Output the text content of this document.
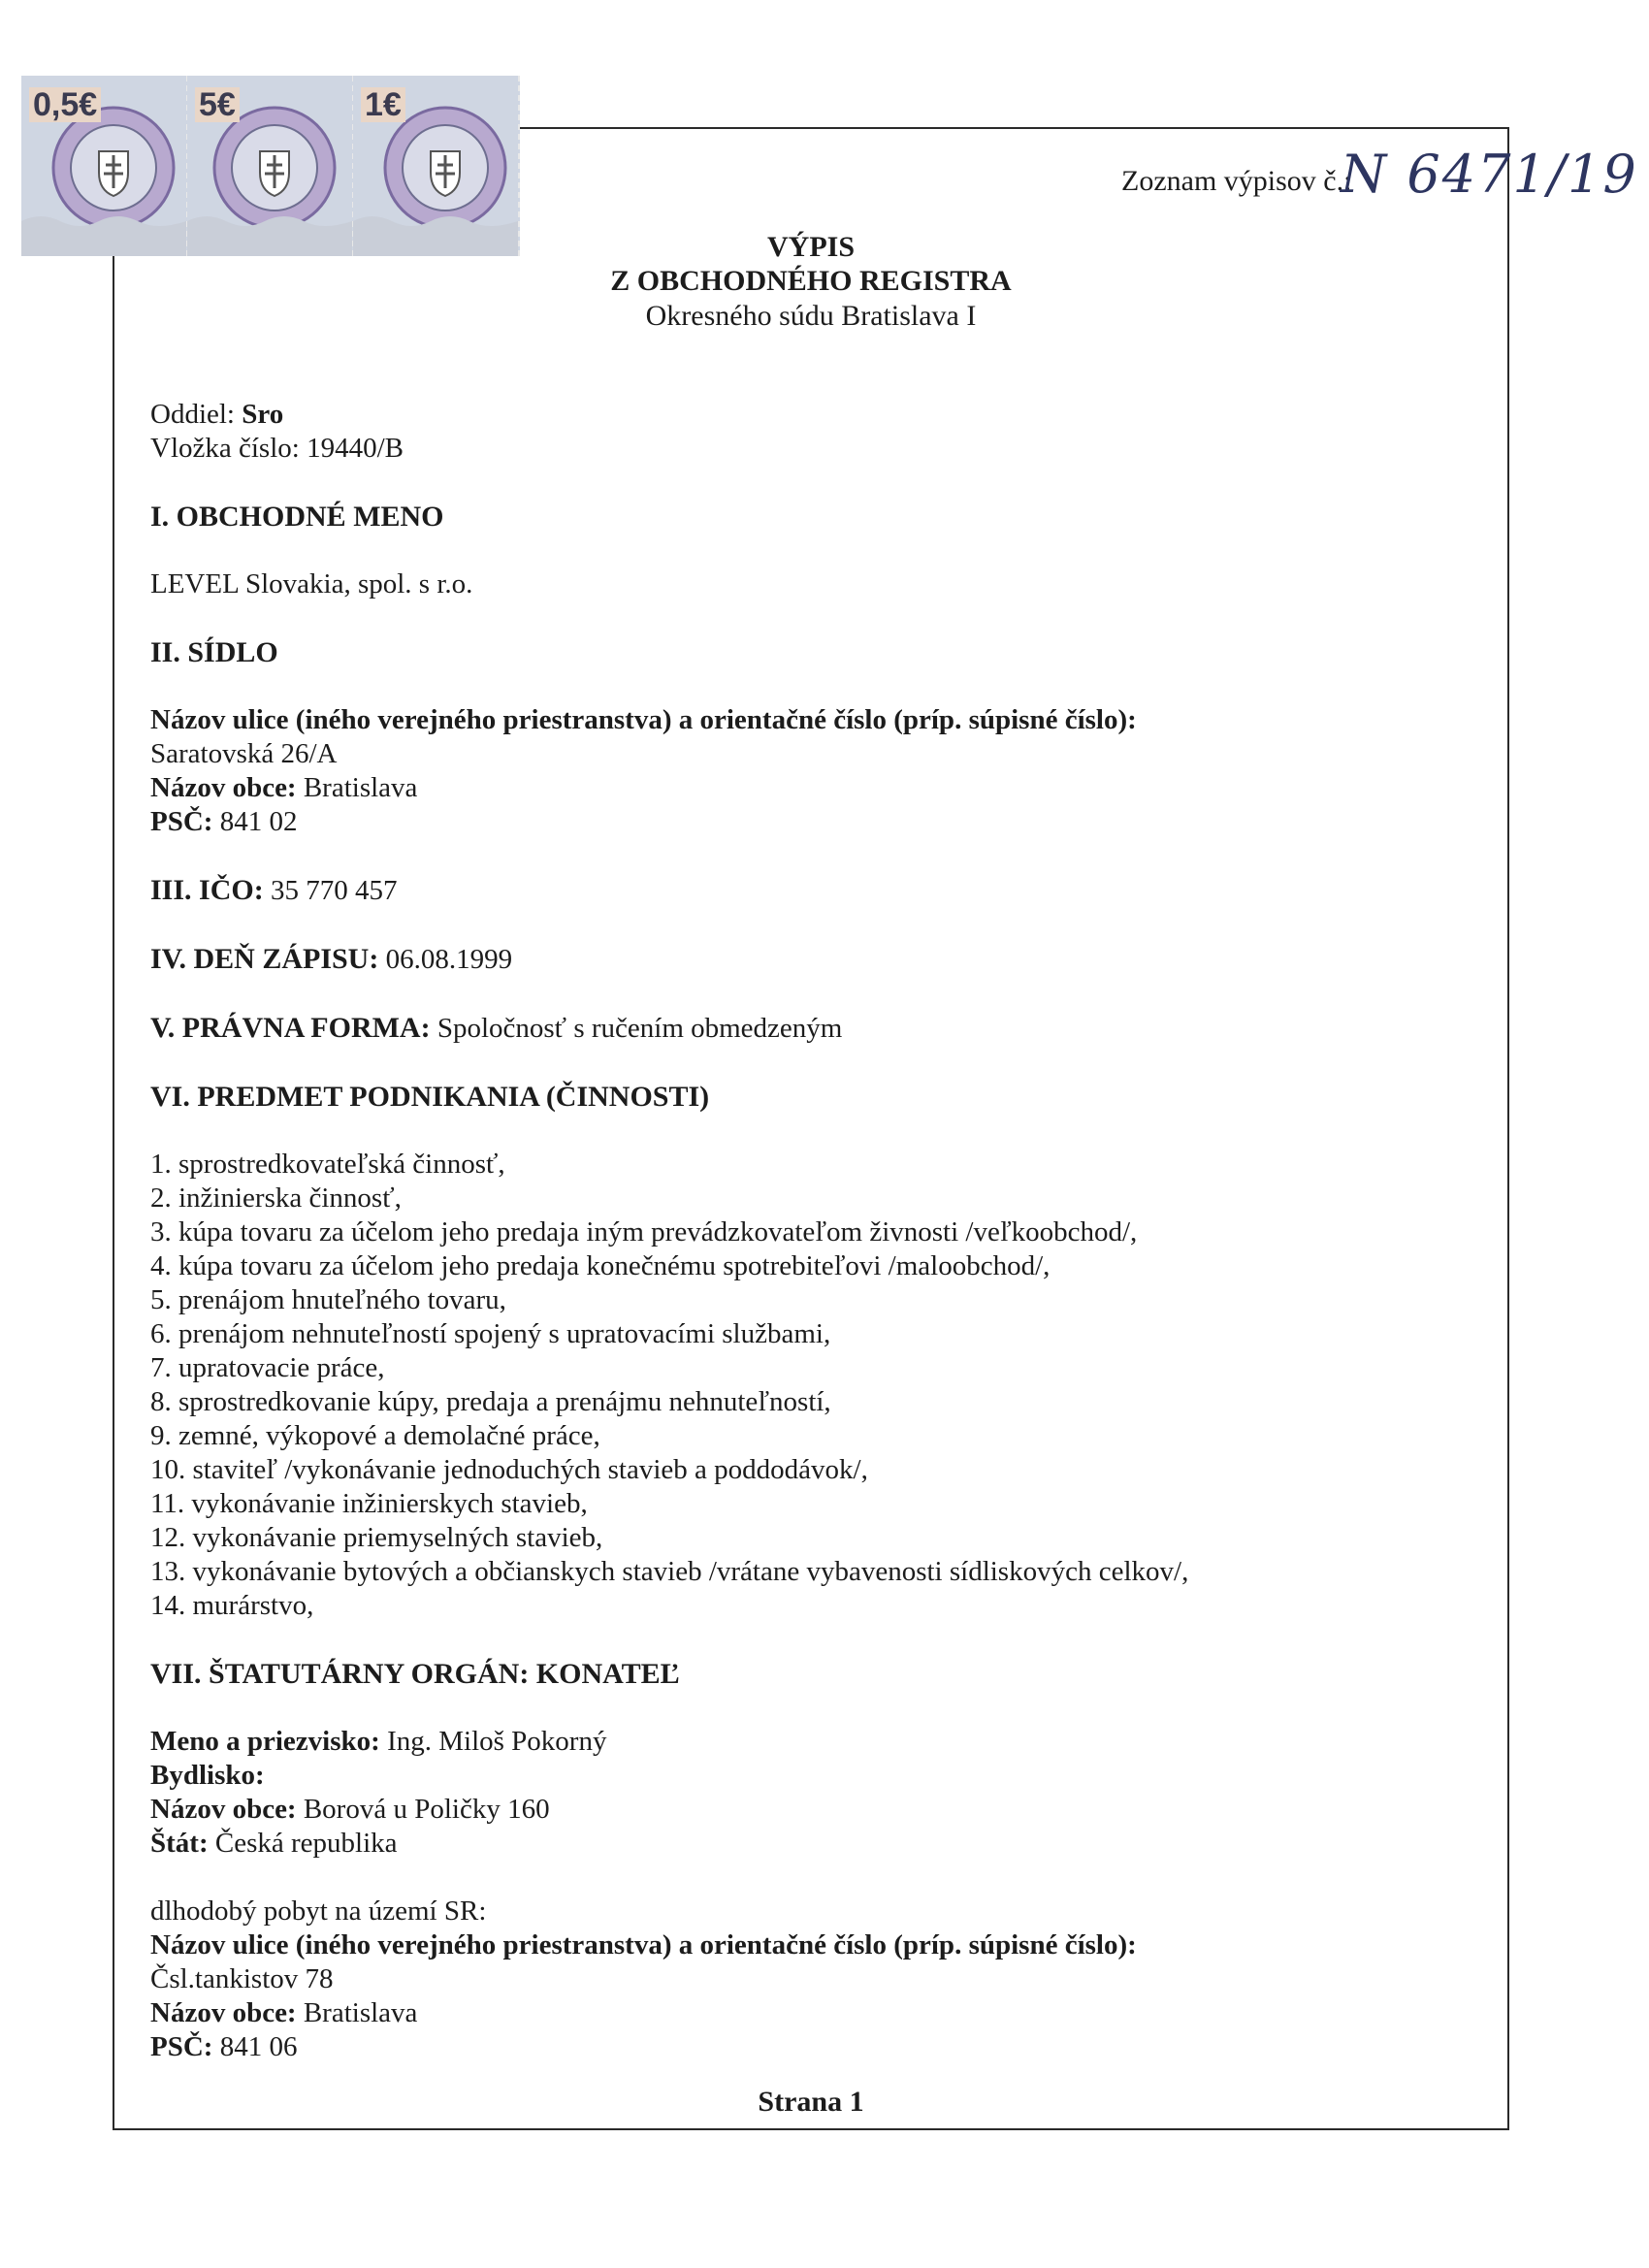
0,5€	5€	1€
Zoznam výpisov č.:
N 6471/19
VÝPIS
Z OBCHODNÉHO REGISTRA
Okresného súdu Bratislava I
Oddiel: Sro
Vložka číslo: 19440/B
I. OBCHODNÉ MENO
LEVEL Slovakia, spol. s r.o.
II. SÍDLO
Názov ulice (iného verejného priestranstva) a orientačné číslo (príp. súpisné číslo):
Saratovská 26/A
Názov obce: Bratislava
PSČ: 841 02
III. IČO: 35 770 457
IV. DEŇ ZÁPISU: 06.08.1999
V. PRÁVNA FORMA: Spoločnosť s ručením obmedzeným
VI. PREDMET PODNIKANIA (ČINNOSTI)
1. sprostredkovateľská činnosť,
2. inžinierska činnosť,
3. kúpa tovaru za účelom jeho predaja iným prevádzkovateľom živnosti /veľkoobchod/,
4. kúpa tovaru za účelom jeho predaja konečnému spotrebiteľovi /maloobchod/,
5. prenájom hnuteľného tovaru,
6. prenájom nehnuteľností spojený s upratovacími službami,
7. upratovacie práce,
8. sprostredkovanie kúpy, predaja a prenájmu nehnuteľností,
9. zemné, výkopové a demolačné práce,
10. staviteľ /vykonávanie jednoduchých stavieb a poddodávok/,
11. vykonávanie inžinierskych stavieb,
12. vykonávanie priemyselných stavieb,
13. vykonávanie bytových a občianskych stavieb /vrátane vybavenosti sídliskových celkov/,
14. murárstvo,
VII. ŠTATUTÁRNY ORGÁN: KONATEĽ
Meno a priezvisko: Ing. Miloš Pokorný
Bydlisko:
Názov obce: Borová u Poličky 160
Štát: Česká republika
dlhodobý pobyt na území SR:
Názov ulice (iného verejného priestranstva) a orientačné číslo (príp. súpisné číslo):
Čsl.tankistov 78
Názov obce: Bratislava
PSČ: 841 06
Strana 1
